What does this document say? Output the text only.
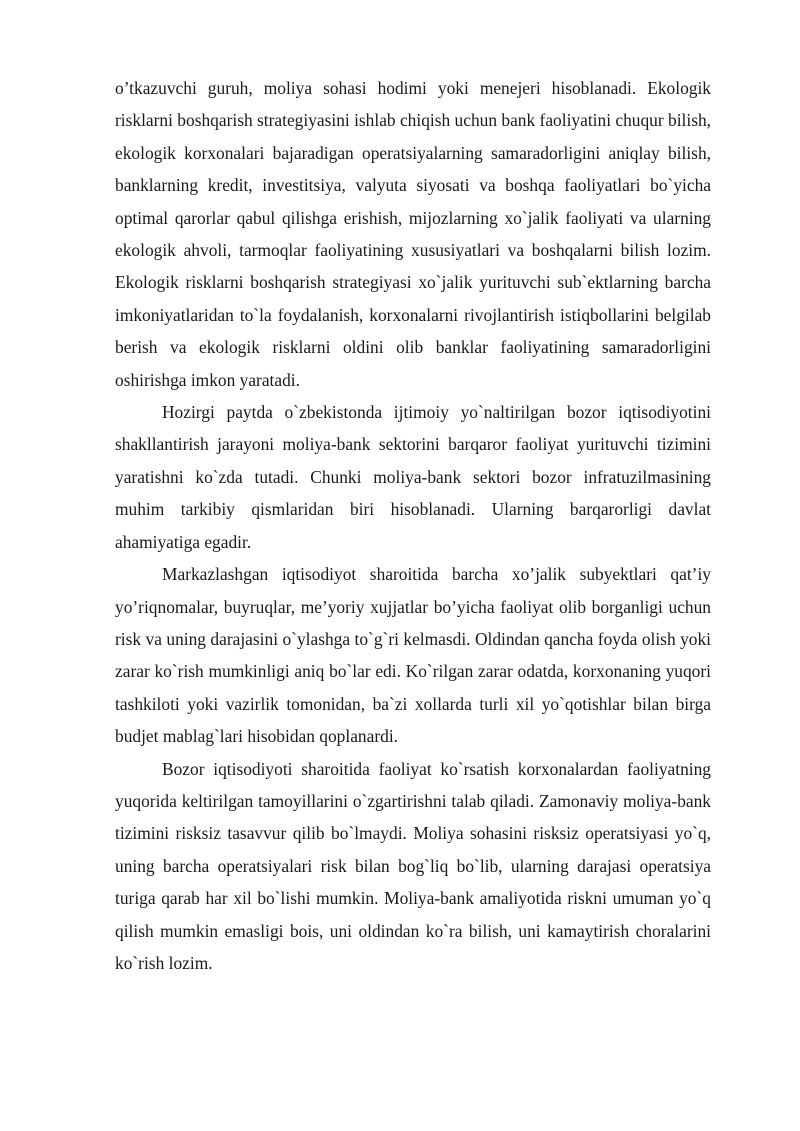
o’tkazuvchi guruh, moliya sohasi hodimi yoki menejeri hisoblanadi. Ekologik risklarni boshqarish strategiyasini ishlab chiqish uchun bank faoliyatini chuqur bilish, ekologik korxonalari bajaradigan operatsiyalarning samaradorligini aniqlay bilish, banklarning kredit, investitsiya, valyuta siyosati va boshqa faoliyatlari bo`yicha optimal qarorlar qabul qilishga erishish, mijozlarning xo`jalik faoliyati va ularning ekologik ahvoli, tarmoqlar faoliyatining xususiyatlari va boshqalarni bilish lozim. Ekologik risklarni boshqarish strategiyasi xo`jalik yurituvchi sub`ektlarning barcha imkoniyatlaridan to`la foydalanish, korxonalarni rivojlantirish istiqbollarini belgilab berish va ekologik risklarni oldini olib banklar faoliyatining samaradorligini oshirishga imkon yaratadi.

Hozirgi paytda o`zbekistonda ijtimoiy yo`naltirilgan bozor iqtisodiyotini shakllantirish jarayoni moliya-bank sektorini barqaror faoliyat yurituvchi tizimini yaratishni ko`zda tutadi. Chunki moliya-bank sektori bozor infratuzilmasining muhim tarkibiy qismlaridan biri hisoblanadi. Ularning barqarorligi davlat ahamiyatiga egadir.

Markazlashgan iqtisodiyot sharoitida barcha xo’jalik subyektlari qat’iy yo’riqnomalar, buyruqlar, me’yoriy xujjatlar bo’yicha faoliyat olib borganligi uchun risk va uning darajasini o`ylashga to`g`ri kelmasdi. Oldindan qancha foyda olish yoki zarar ko`rish mumkinligi aniq bo`lar edi. Ko`rilgan zarar odatda, korxonaning yuqori tashkiloti yoki vazirlik tomonidan, ba`zi xollarda turli xil yo`qotishlar bilan birga budjet mablag`lari hisobidan qoplanardi.

Bozor iqtisodiyoti sharoitida faoliyat ko`rsatish korxonalardan faoliyatning yuqorida keltirilgan tamoyillarini o`zgartirishni talab qiladi. Zamonaviy moliya-bank tizimini risksiz tasavvur qilib bo`lmaydi. Moliya sohasini risksiz operatsiyasi yo`q, uning barcha operatsiyalari risk bilan bog`liq bo`lib, ularning darajasi operatsiya turiga qarab har xil bo`lishi mumkin. Moliya-bank amaliyotida riskni umuman yo`q qilish mumkin emasligi bois, uni oldindan ko`ra bilish, uni kamaytirish choralarini ko`rish lozim.
